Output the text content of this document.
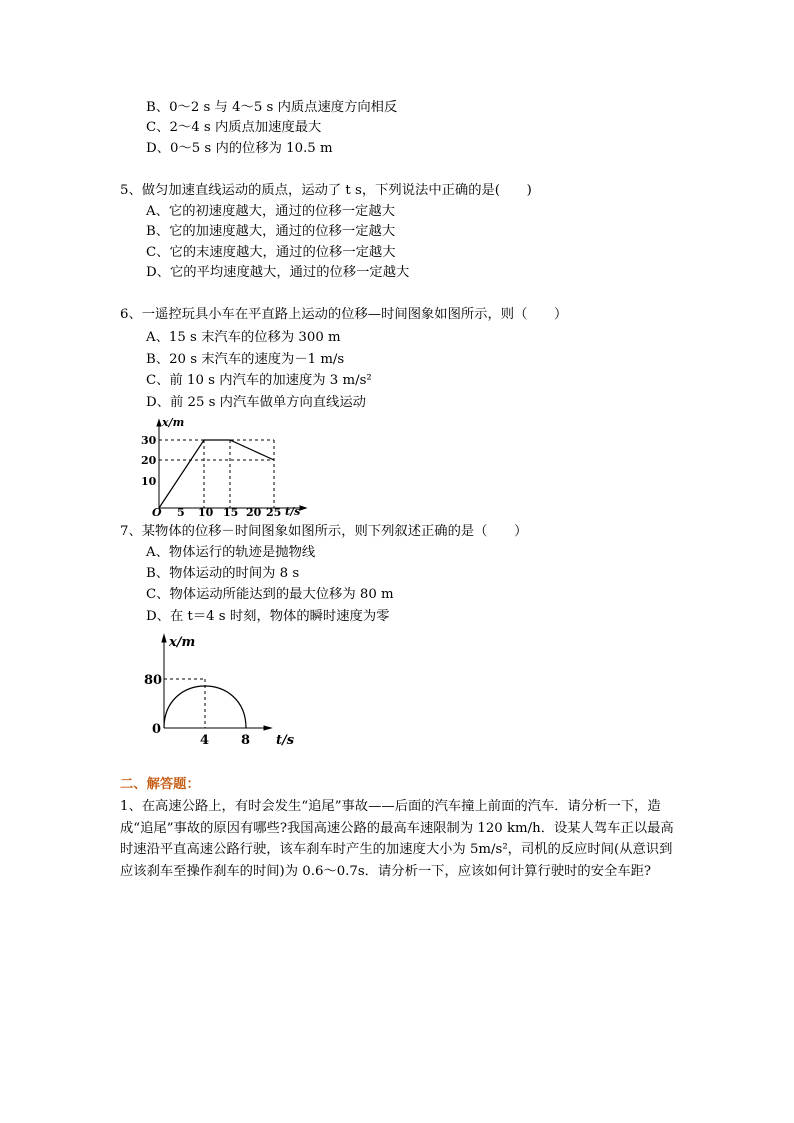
B、0～2 s 与 4～5 s 内质点速度方向相反
C、2～4 s 内质点加速度最大
D、0～5 s 内的位移为 10.5 m
5、做匀加速直线运动的质点，运动了 t s，下列说法中正确的是(　　)
A、它的初速度越大，通过的位移一定越大
B、它的加速度越大，通过的位移一定越大
C、它的末速度越大，通过的位移一定越大
D、它的平均速度越大，通过的位移一定越大
6、一遥控玩具小车在平直路上运动的位移—时间图象如图所示，则（　　）
A、15 s 末汽车的位移为 300 m
B、20 s 末汽车的速度为－1 m/s
C、前 10 s 内汽车的加速度为 3 m/s²
D、前 25 s 内汽车做单方向直线运动
x/m
t/s
30
20
10
O 5 10 15 20 25
7、某物体的位移－时间图象如图所示，则下列叙述正确的是（　　）
A、物体运行的轨迹是抛物线
B、物体运动的时间为 8 s
C、物体运动所能达到的最大位移为 80 m
D、在 t＝4 s 时刻，物体的瞬时速度为零
x/m
t/s
80
0
4 8
二、解答题：
1、在高速公路上，有时会发生“追尾”事故——后面的汽车撞上前面的汽车．请分析一下，造成“追尾”事故的原因有哪些?我国高速公路的最高车速限制为 120 km/h．设某人驾车正以最高时速沿平直高速公路行驶，该车刹车时产生的加速度大小为 5m/s²，司机的反应时间(从意识到应该刹车至操作刹车的时间)为 0.6～0.7s．请分析一下，应该如何计算行驶时的安全车距?
